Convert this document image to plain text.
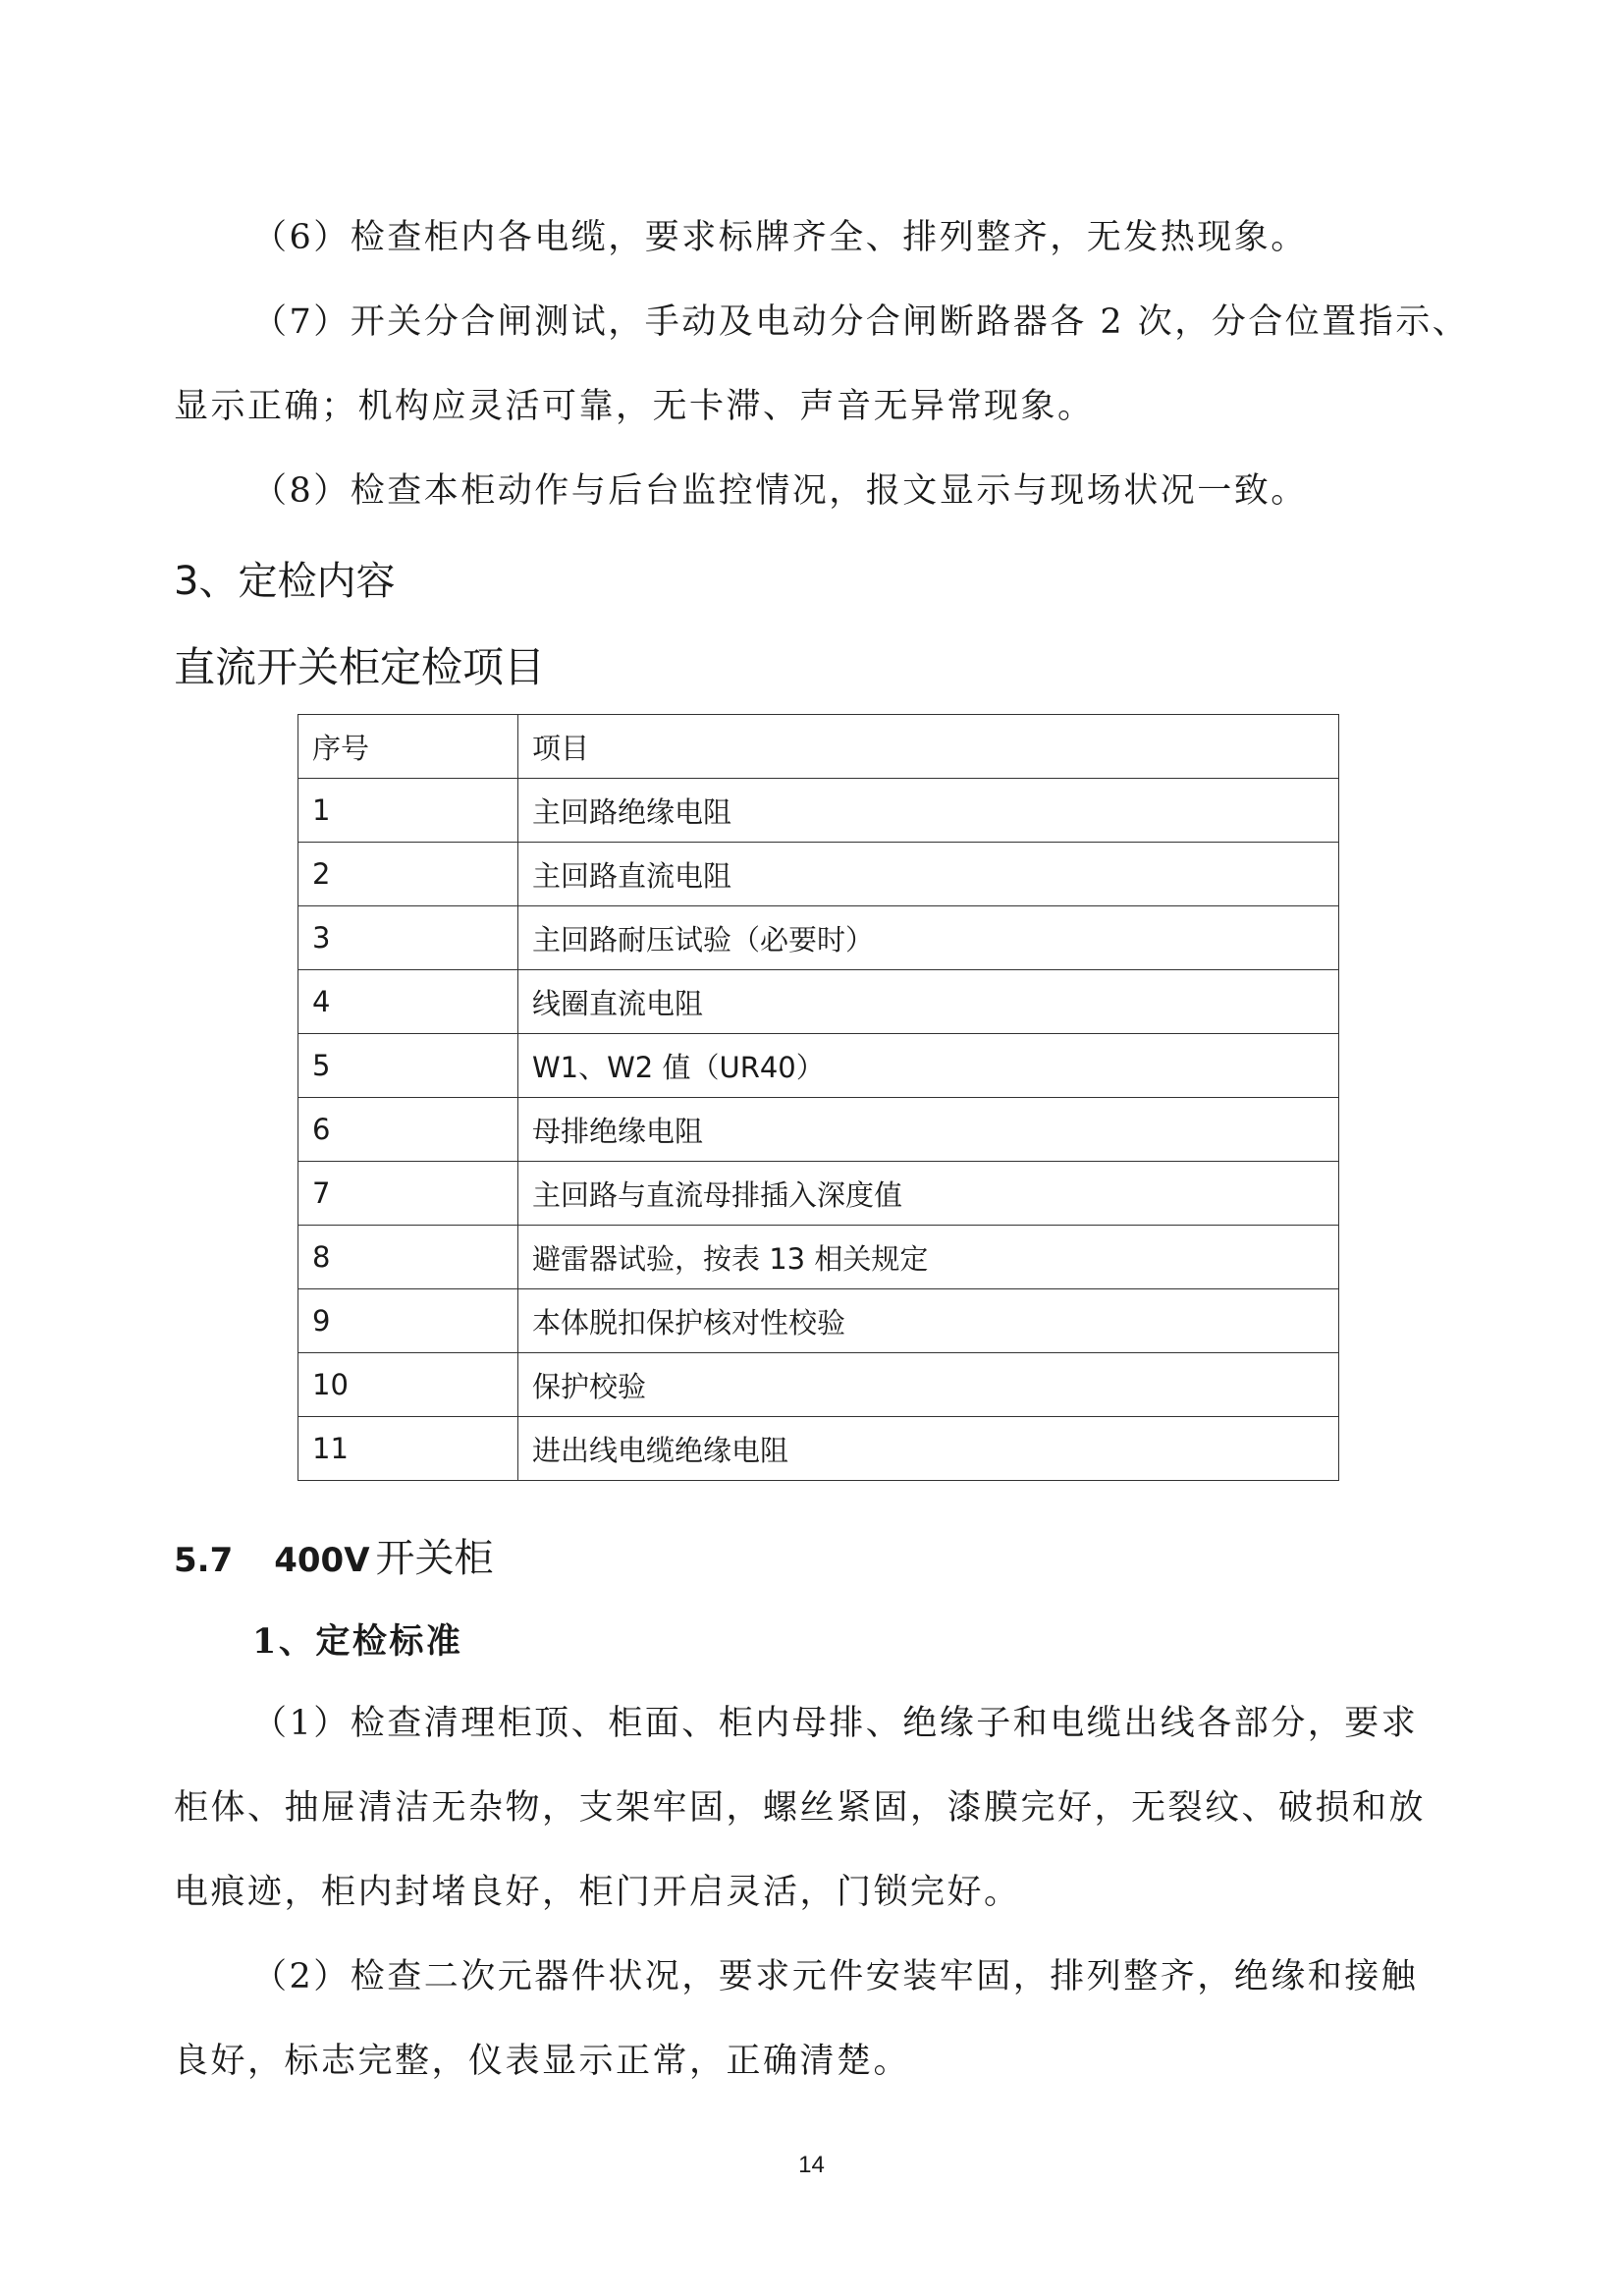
（6）检查柜内各电缆，要求标牌齐全、排列整齐，无发热现象。
（7）开关分合闸测试，手动及电动分合闸断路器各 2 次，分合位置指示、
显示正确；机构应灵活可靠，无卡滞、声音无异常现象。
（8）检查本柜动作与后台监控情况，报文显示与现场状况一致。
3、定检内容
直流开关柜定检项目
序号	项目
1	主回路绝缘电阻
2	主回路直流电阻
3	主回路耐压试验（必要时）
4	线圈直流电阻
5	W1、W2 值（UR40）
6	母排绝缘电阻
7	主回路与直流母排插入深度值
8	避雷器试验，按表 13 相关规定
9	本体脱扣保护核对性校验
10	保护校验
11	进出线电缆绝缘电阻
5.7 400V 开关柜
1、定检标准
（1）检查清理柜顶、柜面、柜内母排、绝缘子和电缆出线各部分，要求
柜体、抽屉清洁无杂物，支架牢固，螺丝紧固，漆膜完好，无裂纹、破损和放
电痕迹，柜内封堵良好，柜门开启灵活，门锁完好。
（2）检查二次元器件状况，要求元件安装牢固，排列整齐，绝缘和接触
良好，标志完整，仪表显示正常，正确清楚。
14
